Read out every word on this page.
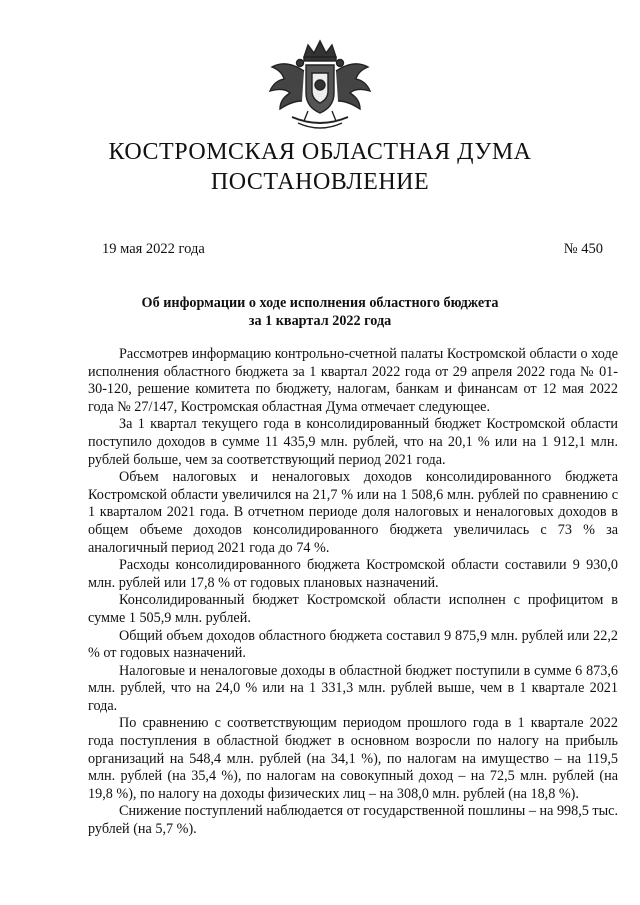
КОСТРОМСКАЯ ОБЛАСТНАЯ ДУМА
ПОСТАНОВЛЕНИЕ
19 мая 2022 года	№ 450
Об информации о ходе исполнения областного бюджета
за 1 квартал 2022 года

Рассмотрев информацию контрольно-счетной палаты Костромской области о ходе исполнения областного бюджета за 1 квартал 2022 года от 29 апреля 2022 года № 01-30-120, решение комитета по бюджету, налогам, банкам и финансам от 12 мая 2022 года № 27/147, Костромская областная Дума отмечает следующее.

За 1 квартал текущего года в консолидированный бюджет Костромской области поступило доходов в сумме 11 435,9 млн. рублей, что на 20,1 % или на 1 912,1 млн. рублей больше, чем за соответствующий период 2021 года.

Объем налоговых и неналоговых доходов консолидированного бюджета Костромской области увеличился на 21,7 % или на 1 508,6 млн. рублей по сравнению с 1 кварталом 2021 года. В отчетном периоде доля налоговых и неналоговых доходов в общем объеме доходов консолидированного бюджета увеличилась с 73 % за аналогичный период 2021 года до 74 %.

Расходы консолидированного бюджета Костромской области составили 9 930,0 млн. рублей или 17,8 % от годовых плановых назначений.

Консолидированный бюджет Костромской области исполнен с профицитом в сумме 1 505,9 млн. рублей.

Общий объем доходов областного бюджета составил 9 875,9 млн. рублей или 22,2 % от годовых назначений.

Налоговые и неналоговые доходы в областной бюджет поступили в сумме 6 873,6 млн. рублей, что на 24,0 % или на 1 331,3 млн. рублей выше, чем в 1 квартале 2021 года.

По сравнению с соответствующим периодом прошлого года в 1 квартале 2022 года поступления в областной бюджет в основном возросли по налогу на прибыль организаций на 548,4 млн. рублей (на 34,1 %), по налогам на имущество – на 119,5 млн. рублей (на 35,4 %), по налогам на совокупный доход – на 72,5 млн. рублей (на 19,8 %), по налогу на доходы физических лиц – на 308,0 млн. рублей (на 18,8 %).

Снижение поступлений наблюдается от государственной пошлины – на 998,5 тыс. рублей (на 5,7 %).
